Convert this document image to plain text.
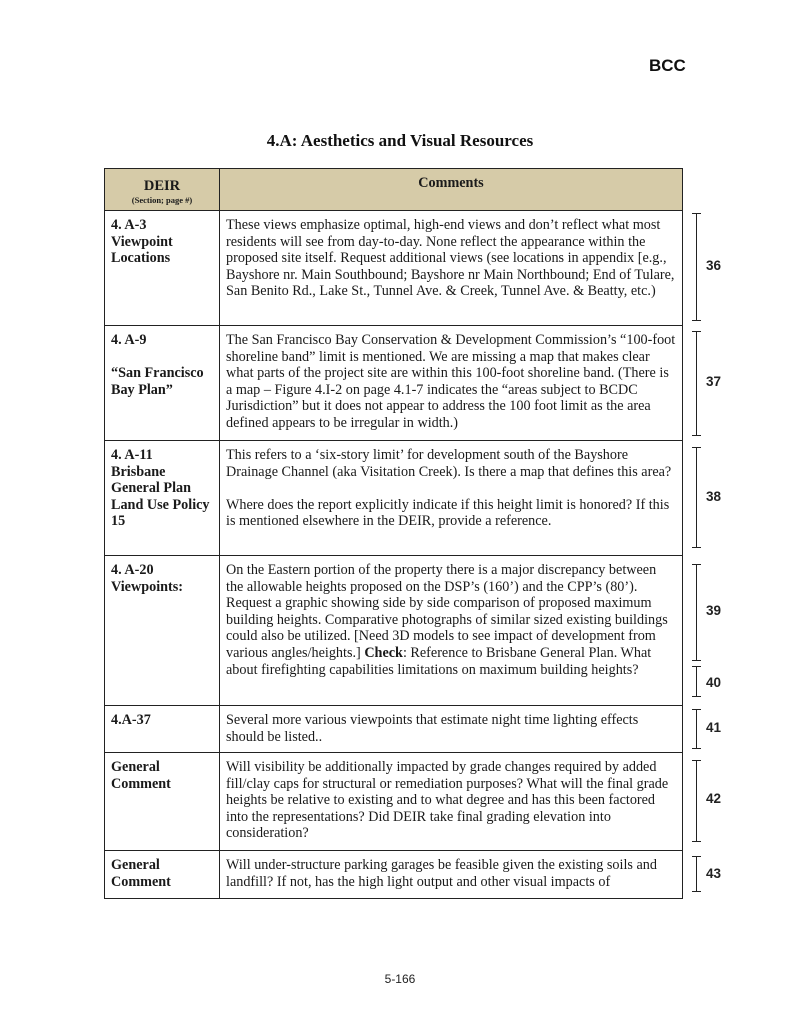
BCC
4.A: Aesthetics and Visual Resources
DEIR
(Section; page #)	Comments

4. A-3
Viewpoint
Locations
	These views emphasize optimal, high-end views and don’t reflect what most residents will see from day-to-day. None reflect the appearance within the proposed site itself. Request additional views (see locations in appendix [e.g., Bayshore nr. Main Southbound; Bayshore nr Main Northbound; End of Tulare, San Benito Rd., Lake St., Tunnel Ave. & Creek, Tunnel Ave. & Beatty, etc.)

4. A-9
“San Francisco
Bay Plan”
	The San Francisco Bay Conservation & Development Commission’s “100-foot shoreline band” limit is mentioned. We are missing a map that makes clear what parts of the project site are within this 100-foot shoreline band. (There is a map – Figure 4.I-2 on page 4.1-7 indicates the “areas subject to BCDC Jurisdiction” but it does not appear to address the 100 foot limit as the area defined appears to be irregular in width.)

4. A-11
Brisbane
General Plan
Land Use Policy
15
	This refers to a ‘six-story limit’ for development south of the Bayshore Drainage Channel (aka Visitation Creek). Is there a map that defines this area?
Where does the report explicitly indicate if this height limit is honored? If this is mentioned elsewhere in the DEIR, provide a reference.

4. A-20
Viewpoints:	On the Eastern portion of the property there is a major discrepancy between the allowable heights proposed on the DSP’s (160’) and the CPP’s (80’). Request a graphic showing side by side comparison of proposed maximum building heights. Comparative photographs of similar sized existing buildings could also be utilized. [Need 3D models to see impact of development from various angles/heights.] Check: Reference to Brisbane General Plan. What about firefighting capabilities limitations on maximum building heights?

4.A-37	Several more various viewpoints that estimate night time lighting effects should be listed..

General
Comment	Will visibility be additionally impacted by grade changes required by added fill/clay caps for structural or remediation purposes? What will the final grade heights be relative to existing and to what degree and has this been factored into the representations? Did DEIR take final grading elevation into consideration?

General
Comment	Will under-structure parking garages be feasible given the existing soils and landfill? If not, has the high light output and other visual impacts of
36
37
38
39
40
41
42
43
5-166
